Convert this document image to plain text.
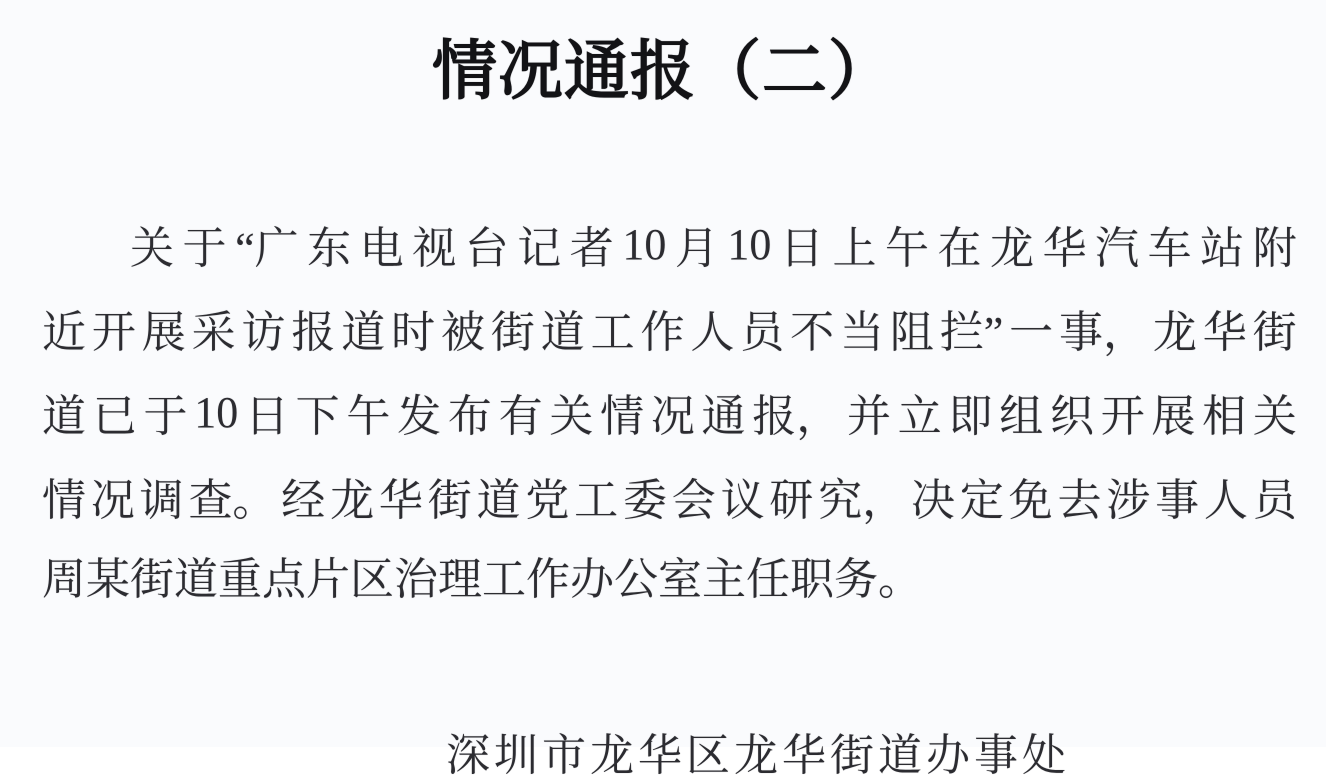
情况通报（二）
关 于 “广 东 电 视 台 记 者 10 月 10 日 上 午 在 龙 华 汽 车 站 附
近 开 展 采 访 报 道 时 被 街 道 工 作 人 员 不 当 阻 拦” 一 事， 龙 华 街
道 已 于 10 日 下 午 发 布 有 关 情 况 通 报， 并 立 即 组 织 开 展 相 关
情 况 调 查。 经 龙 华 街 道 党 工 委 会 议 研 究， 决 定 免 去 涉 事 人 员
周某街道重点片区治理工作办公室主任职务。
深圳市龙华区龙华街道办事处
